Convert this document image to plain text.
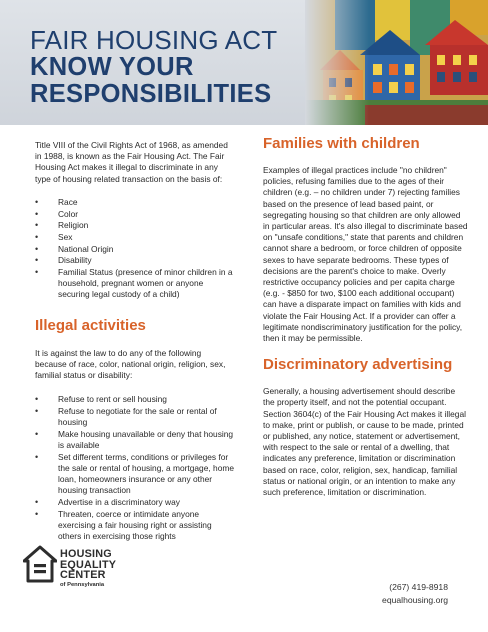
FAIR HOUSING ACT
KNOW YOUR
RESPONSIBILITIES

Title VIII of the Civil Rights Act of 1968, as amended in 1988, is known as the Fair Housing Act. The Fair Housing Act makes it illegal to discriminate in any type of housing related transaction on the basis of:

• Race
• Color
• Religion
• Sex
• National Origin
• Disability
• Familial Status (presence of minor children in a household, pregnant women or anyone securing legal custody of a child)
Illegal activities

It is against the law to do any of the following because of race, color, national origin, religion, sex, familial status or disability:

• Refuse to rent or sell housing
• Refuse to negotiate for the sale or rental of housing
• Make housing unavailable or deny that housing is available
• Set different terms, conditions or privileges for the sale or rental of housing, a mortgage, home loan, homeowners insurance or any other housing transaction
• Advertise in a discriminatory way
• Threaten, coerce or intimidate anyone exercising a fair housing right or assisting others in exercising those rights
Families with children

Examples of illegal practices include "no children" policies, refusing families due to the ages of their children (e.g. – no children under 7) rejecting families based on the presence of lead based paint, or segregating housing so that children are only allowed in particular areas. It's also illegal to discriminate based on "unsafe conditions," state that parents and children cannot share a bedroom, or force children of opposite sexes to have separate bedrooms. These types of decisions are the parent's choice to make. Overly restrictive occupancy policies and per capita charge (e.g. - $850 for two, $100 each additional occupant) can have a disparate impact on families with kids and violate the Fair Housing Act. If a provider can offer a legitimate nondiscriminatory justification for the policy, then it may be permissible.

Discriminatory advertising

Generally, a housing advertisement should describe the property itself, and not the potential occupant. Section 3604(c) of the Fair Housing Act makes it illegal to make, print or publish, or cause to be made, printed or published, any notice, statement or advertisement, with respect to the sale or rental of a dwelling, that indicates any preference, limitation or discrimination based on race, color, religion, sex, handicap, familial status or national origin, or an intention to make any such preference, limitation or discrimination.

HOUSING
EQUALITY
CENTER
of Pennsylvania	(267) 419-8918
equalhousing.org
